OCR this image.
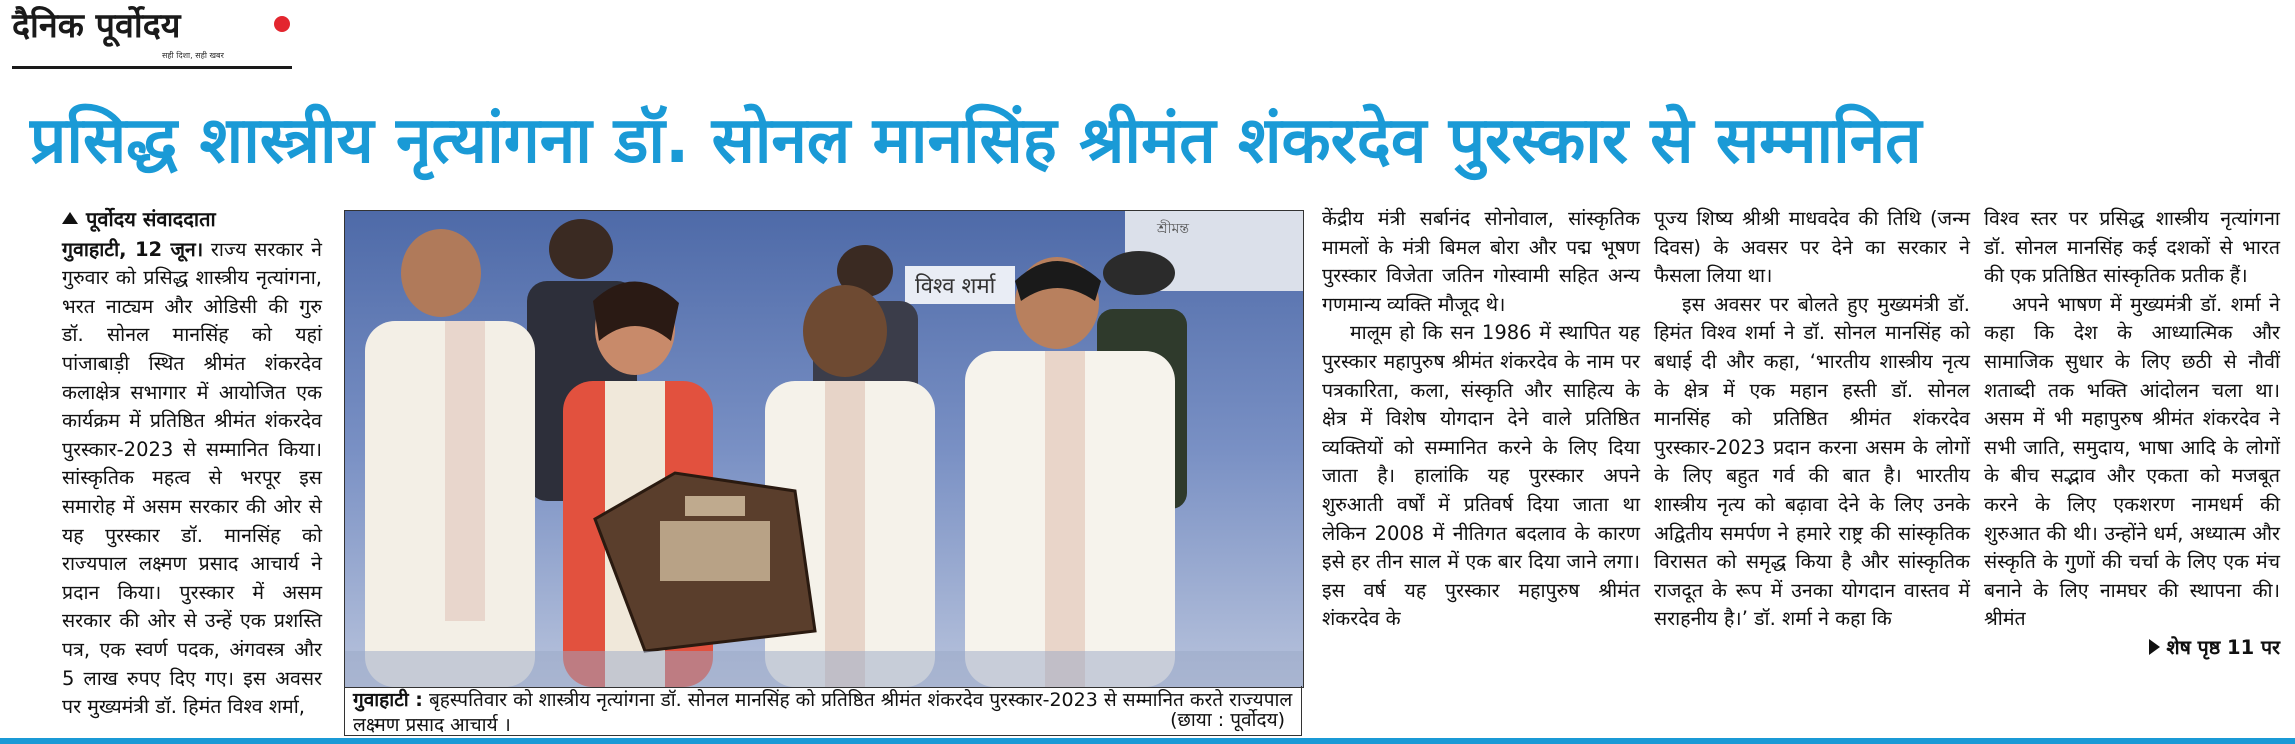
दैनिक पूर्वोदय
सही दिशा, सही खबर
प्रसिद्ध शास्त्रीय नृत्यांगना डॉ. सोनल मानसिंह श्रीमंत शंकरदेव पुरस्कार से सम्मानित
पूर्वोदय संवाददाता

गुवाहाटी, 12 जून। राज्य सरकार ने गुरुवार को प्रसिद्ध शास्त्रीय नृत्यांगना, भरत नाट्यम और ओडिसी की गुरु डॉ. सोनल मानसिंह को यहां पांजाबाड़ी स्थित श्रीमंत शंकरदेव कलाक्षेत्र सभागार में आयोजित एक कार्यक्रम में प्रतिष्ठित श्रीमंत शंकरदेव पुरस्कार-2023 से सम्मानित किया। सांस्कृतिक महत्व से भरपूर इस समारोह में असम सरकार की ओर से यह पुरस्कार डॉ. मानसिंह को राज्यपाल लक्ष्मण प्रसाद आचार्य ने प्रदान किया। पुरस्कार में असम सरकार की ओर से उन्हें एक प्रशस्ति पत्र, एक स्वर्ण पदक, अंगवस्त्र और 5 लाख रुपए दिए गए। इस अवसर पर मुख्यमंत्री डॉ. हिमंत विश्व शर्मा,

শ্ৰীমন্ত
विश्व शर्मा
गुवाहाटी : बृहस्पतिवार को शास्त्रीय नृत्यांगना डॉ. सोनल मानसिंह को प्रतिष्ठित श्रीमंत शंकरदेव पुरस्कार-2023 से सम्मानित करते राज्यपाल लक्ष्मण प्रसाद आचार्य ।	(छाया : पूर्वोदय)

केंद्रीय मंत्री सर्बानंद सोनोवाल, सांस्कृतिक मामलों के मंत्री बिमल बोरा और पद्म भूषण पुरस्कार विजेता जतिन गोस्वामी सहित अन्य गणमान्य व्यक्ति मौजूद थे।

मालूम हो कि सन 1986 में स्थापित यह पुरस्कार महापुरुष श्रीमंत शंकरदेव के नाम पर पत्रकारिता, कला, संस्कृति और साहित्य के क्षेत्र में विशेष योगदान देने वाले प्रतिष्ठित व्यक्तियों को सम्मानित करने के लिए दिया जाता है। हालांकि यह पुरस्कार अपने शुरुआती वर्षों में प्रतिवर्ष दिया जाता था लेकिन 2008 में नीतिगत बदलाव के कारण इसे हर तीन साल में एक बार दिया जाने लगा। इस वर्ष यह पुरस्कार महापुरुष श्रीमंत शंकरदेव के

पूज्य शिष्य श्रीश्री माधवदेव की तिथि (जन्म दिवस) के अवसर पर देने का सरकार ने फैसला लिया था।

इस अवसर पर बोलते हुए मुख्यमंत्री डॉ. हिमंत विश्व शर्मा ने डॉ. सोनल मानसिंह को बधाई दी और कहा, ‘भारतीय शास्त्रीय नृत्य के क्षेत्र में एक महान हस्ती डॉ. सोनल मानसिंह को प्रतिष्ठित श्रीमंत शंकरदेव पुरस्कार-2023 प्रदान करना असम के लोगों के लिए बहुत गर्व की बात है। भारतीय शास्त्रीय नृत्य को बढ़ावा देने के लिए उनके अद्वितीय समर्पण ने हमारे राष्ट्र की सांस्कृतिक विरासत को समृद्ध किया है और सांस्कृतिक राजदूत के रूप में उनका योगदान वास्तव में सराहनीय है।’ डॉ. शर्मा ने कहा कि

विश्व स्तर पर प्रसिद्ध शास्त्रीय नृत्यांगना डॉ. सोनल मानसिंह कई दशकों से भारत की एक प्रतिष्ठित सांस्कृतिक प्रतीक हैं।

अपने भाषण में मुख्यमंत्री डॉ. शर्मा ने कहा कि देश के आध्यात्मिक और सामाजिक सुधार के लिए छठी से नौवीं शताब्दी तक भक्ति आंदोलन चला था। असम में भी महापुरुष श्रीमंत शंकरदेव ने सभी जाति, समुदाय, भाषा आदि के लोगों के बीच सद्भाव और एकता को मजबूत करने के लिए एकशरण नामधर्म की शुरुआत की थी। उन्होंने धर्म, अध्यात्म और संस्कृति के गुणों की चर्चा के लिए एक मंच बनाने के लिए नामघर की स्थापना की। श्रीमंत

शेष पृष्ठ 11 पर
